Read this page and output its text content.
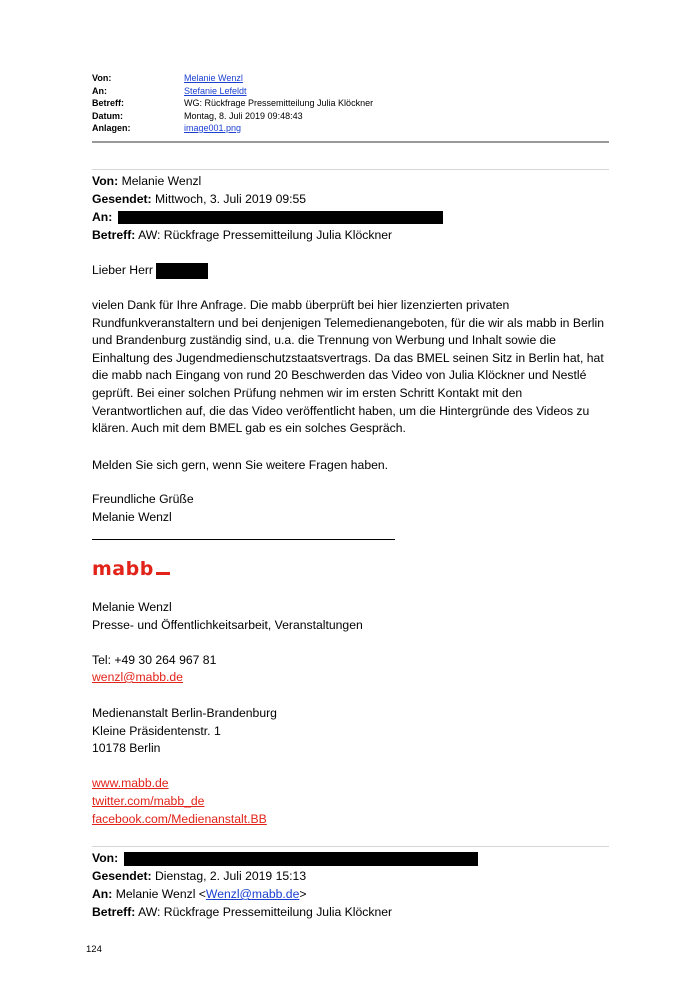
Von:	Melanie Wenzl
An:	Stefanie Lefeldt
Betreff:	WG: Rückfrage Pressemitteilung Julia Klöckner
Datum:	Montag, 8. Juli 2019 09:48:43
Anlagen:	image001.png
Von: Melanie Wenzl
Gesendet: Mittwoch, 3. Juli 2019 09:55
An:
Betreff: AW: Rückfrage Pressemitteilung Julia Klöckner
Lieber Herr
vielen Dank für Ihre Anfrage. Die mabb überprüft bei hier lizenzierten privaten Rundfunkveranstaltern und bei denjenigen Telemedienangeboten, für die wir als mabb in Berlin und Brandenburg zuständig sind, u.a. die Trennung von Werbung und Inhalt sowie die Einhaltung des Jugendmedienschutzstaatsvertrags. Da das BMEL seinen Sitz in Berlin hat, hat die mabb nach Eingang von rund 20 Beschwerden das Video von Julia Klöckner und Nestlé geprüft. Bei einer solchen Prüfung nehmen wir im ersten Schritt Kontakt mit den Verantwortlichen auf, die das Video veröffentlicht haben, um die Hintergründe des Videos zu klären. Auch mit dem BMEL gab es ein solches Gespräch.
Melden Sie sich gern, wenn Sie weitere Fragen haben.
Freundliche Grüße
Melanie Wenzl
mabb
Melanie Wenzl
Presse- und Öffentlichkeitsarbeit, Veranstaltungen
Tel: +49 30 264 967 81
wenzl@mabb.de
Medienanstalt Berlin-Brandenburg
Kleine Präsidentenstr. 1
10178 Berlin
www.mabb.de
twitter.com/mabb_de
facebook.com/Medienanstalt.BB
Von:
Gesendet: Dienstag, 2. Juli 2019 15:13
An: Melanie Wenzl <Wenzl@mabb.de>
Betreff: AW: Rückfrage Pressemitteilung Julia Klöckner
124
